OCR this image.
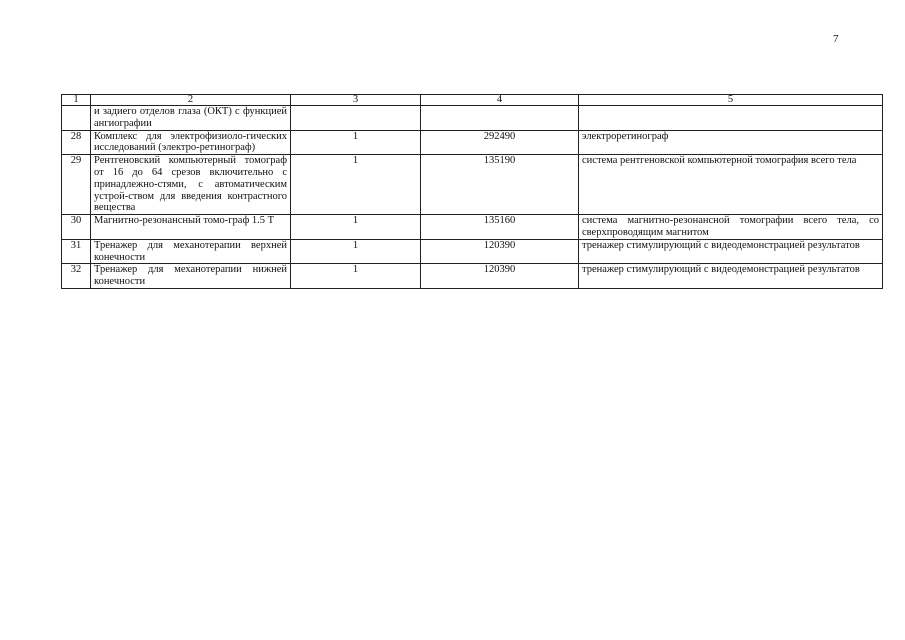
7
1	2	3	4	5
	и задиего отделов глаза (ОКТ) с функцией ангиографии			
28	Комплекс для электрофизиоло-гических исследований (электро-ретинограф)	1	292490	электроретинограф
29	Рентгеновский компьютерный томограф от 16 до 64 срезов включительно с принадлежно-стями, с автоматическим устрой-ством для введения контрастного вещества	1	135190	система рентгеновской компьютерной томография всего тела
30	Магнитно-резонансный томо-граф 1.5 Т	1	135160	система магнитно-резонансной томографии всего тела, со сверхпроводящим магнитом
31	Тренажер для механотерапии верхней конечности	1	120390	тренажер стимулирующий с видеодемонстрацией результатов
32	Тренажер для механотерапии нижней конечности	1	120390	тренажер стимулирующий с видеодемонстрацией результатов
